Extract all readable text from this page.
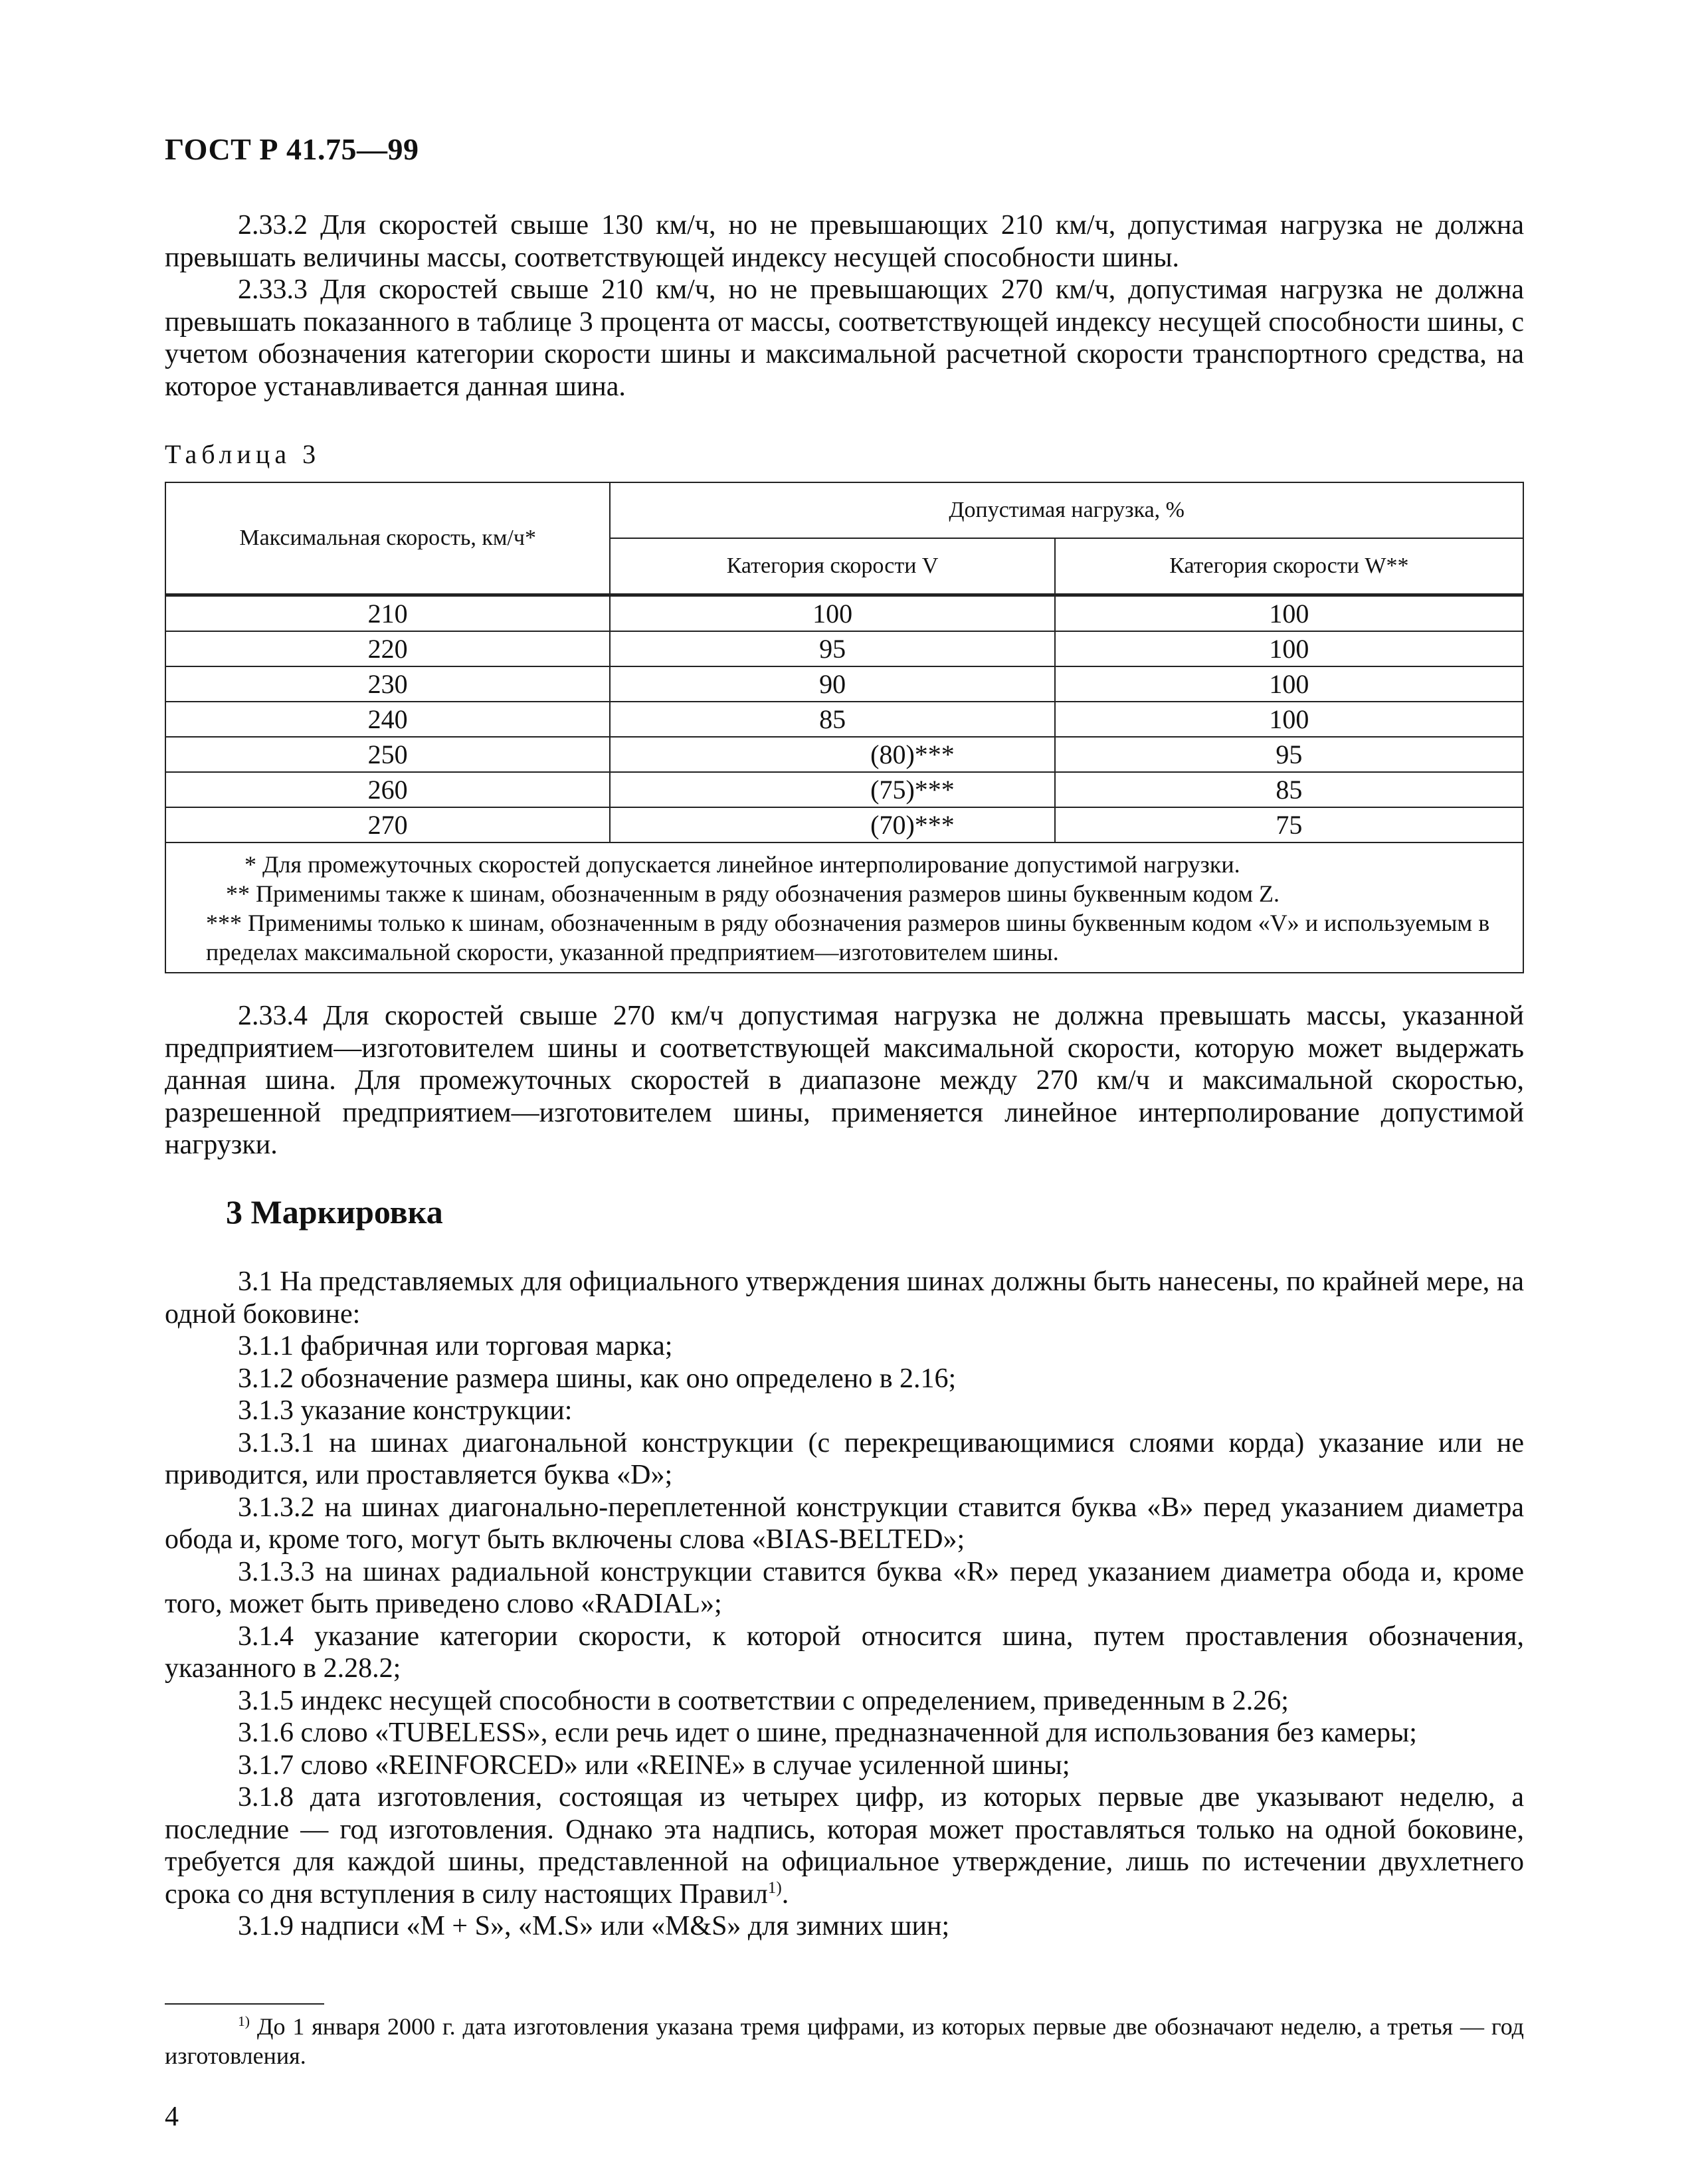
ГОСТ Р 41.75—99

2.33.2 Для скоростей свыше 130 км/ч, но не превышающих 210 км/ч, допустимая нагрузка не должна превышать величины массы, соответствующей индексу несущей способности шины.

2.33.3 Для скоростей свыше 210 км/ч, но не превышающих 270 км/ч, допустимая нагрузка не должна превышать показанного в таблице 3 процента от массы, соответствующей индексу несущей способности шины, с учетом обозначения категории скорости шины и максимальной расчетной скорости транспортного средства, на которое устанавливается данная шина.

Таблица 3
Максимальная скорость, км/ч*	Допустимая нагрузка, %	
	Категория скорости V	Категория скорости W**
210	100	100
220	95	100
230	90	100
240	85	100
250	(80)***	95
260	(75)***	85
270	(70)***	75

* Для промежуточных скоростей допускается линейное интерполирование допустимой нагрузки.
** Применимы также к шинам, обозначенным в ряду обозначения размеров шины буквенным кодом Z.
*** Применимы только к шинам, обозначенным в ряду обозначения размеров шины буквенным кодом «V» и используемым в пределах максимальной скорости, указанной предприятием—изготовителем шины.		

2.33.4 Для скоростей свыше 270 км/ч допустимая нагрузка не должна превышать массы, указанной предприятием—изготовителем шины и соответствующей максимальной скорости, которую может выдержать данная шина. Для промежуточных скоростей в диапазоне между 270 км/ч и максимальной скоростью, разрешенной предприятием—изготовителем шины, применяется линейное интерполирование допустимой нагрузки.

3 Маркировка

3.1 На представляемых для официального утверждения шинах должны быть нанесены, по крайней мере, на одной боковине:

3.1.1 фабричная или торговая марка;

3.1.2 обозначение размера шины, как оно определено в 2.16;

3.1.3 указание конструкции:

3.1.3.1 на шинах диагональной конструкции (с перекрещивающимися слоями корда) указание или не приводится, или проставляется буква «D»;

3.1.3.2 на шинах диагонально-переплетенной конструкции ставится буква «B» перед указанием диаметра обода и, кроме того, могут быть включены слова «BIAS-BELTED»;

3.1.3.3 на шинах радиальной конструкции ставится буква «R» перед указанием диаметра обода и, кроме того, может быть приведено слово «RADIAL»;

3.1.4 указание категории скорости, к которой относится шина, путем проставления обозначения, указанного в 2.28.2;

3.1.5 индекс несущей способности в соответствии с определением, приведенным в 2.26;

3.1.6 слово «TUBELESS», если речь идет о шине, предназначенной для использования без камеры;

3.1.7 слово «REINFORCED» или «REINE» в случае усиленной шины;

3.1.8 дата изготовления, состоящая из четырех цифр, из которых первые две указывают неделю, а последние — год изготовления. Однако эта надпись, которая может проставляться только на одной боковине, требуется для каждой шины, представленной на официальное утверждение, лишь по истечении двухлетнего срока со дня вступления в силу настоящих Правил$^{1)}$.

3.1.9 надписи «M + S», «M.S» или «M&S» для зимних шин;

$^{1)}$ До 1 января 2000 г. дата изготовления указана тремя цифрами, из которых первые две обозначают неделю, а третья — год изготовления.

4
